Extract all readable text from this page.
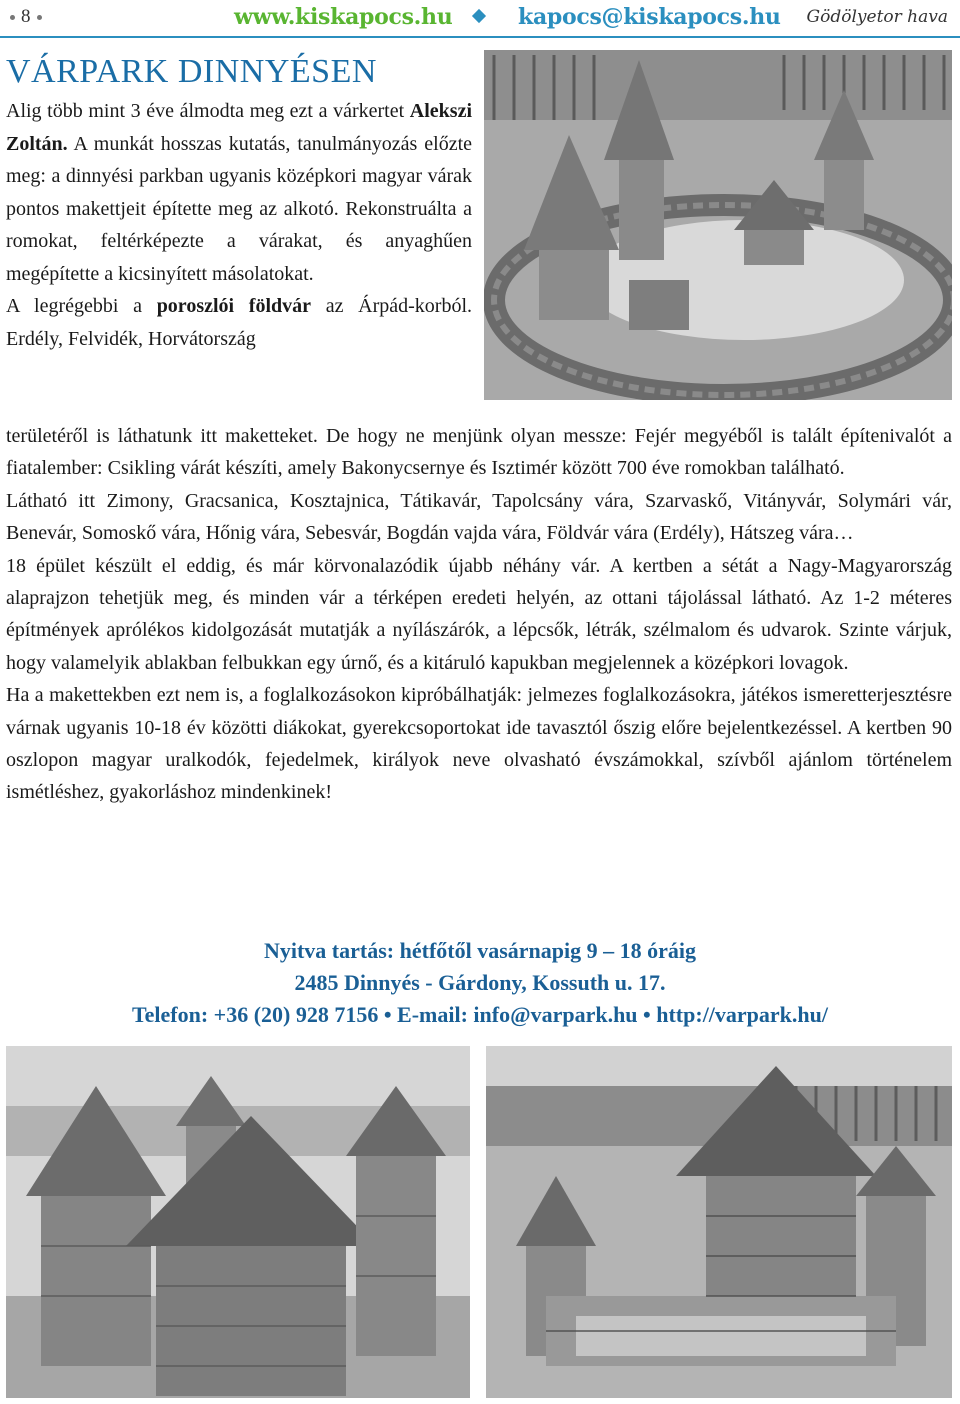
8	www.kiskapocs.hu	kapocs@kiskapocs.hu Gödölyetor hava
VÁRPARK DINNYÉSEN

Alig több mint 3 éve álmodta meg ezt a várkertet Alekszi Zoltán. A munkát hosszas kutatás, tanulmányozás előzte meg: a dinnyési parkban ugyanis középkori magyar várak pontos makettjeit építette meg az alkotó. Rekonstruálta a romokat, feltérképezte a várakat, és anyaghűen megépítette a kicsinyített másolatokat.

A legrégebbi a poroszlói földvár az Árpád-korból. Erdély, Felvidék, Horvátország

területéről is láthatunk itt maketteket. De hogy ne menjünk olyan messze: Fejér megyéből is talált építenivalót a fiatalember: Csikling várát készíti, amely Bakonycsernye és Isztimér között 700 éve romokban található.

Látható itt Zimony, Gracsanica, Kosztajnica, Tátikavár, Tapolcsány vára, Szarvaskő, Vitányvár, Solymári vár, Benevár, Somoskő vára, Hőnig vára, Sebesvár, Bogdán vajda vára, Földvár vára (Erdély), Hátszeg vára…

18 épület készült el eddig, és már körvonalazódik újabb néhány vár. A kertben a sétát a Nagy-Magyarország alaprajzon tehetjük meg, és minden vár a térképen eredeti helyén, az ottani tájolással látható. Az 1-2 méteres építmények aprólékos kidolgozását mutatják a nyílászárók, a lépcsők, létrák, szélmalom és udvarok. Szinte várjuk, hogy valamelyik ablakban felbukkan egy úrnő, és a kitáruló kapukban megjelennek a középkori lovagok.

Ha a makettekben ezt nem is, a foglalkozásokon kipróbálhatják: jelmezes foglalkozásokra, játékos ismeretterjesztésre várnak ugyanis 10-18 év közötti diákokat, gyerekcsoportokat ide tavasztól őszig előre bejelentkezéssel. A kertben 90 oszlopon magyar uralkodók, fejedelmek, királyok neve olvasható évszámokkal, szívből ajánlom történelem ismétléshez, gyakorláshoz mindenkinek!

Nyitva tartás: hétfőtől vasárnapig 9 – 18 óráig
2485 Dinnyés - Gárdony, Kossuth u. 17.
Telefon: +36 (20) 928 7156 • E-mail: info@varpark.hu • http://varpark.hu/
